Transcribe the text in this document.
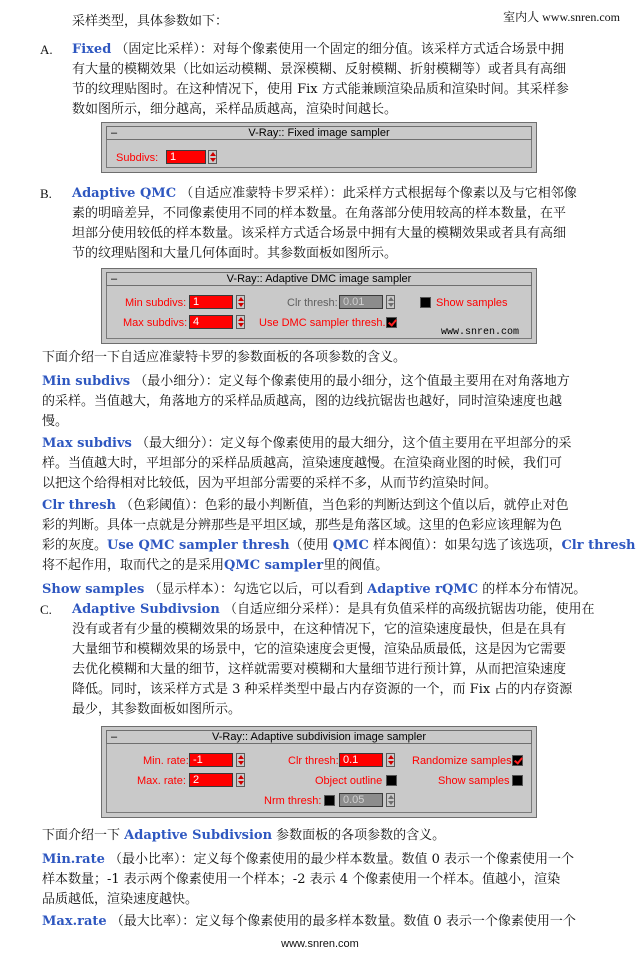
室内人 www.snren.com
采样类型，具体参数如下：
A. Fixed （固定比采样）：对每个像素使用一个固定的细分值。该采样方式适合场景中拥
有大量的模糊效果（比如运动模糊、景深模糊、反射模糊、折射模糊等）或者具有高细
节的纹理贴图时。在这种情况下，使用 Fix 方式能兼顾渲染品质和渲染时间。其采样参
数如图所示，细分越高，采样品质越高，渲染时间越长。
–	V-Ray:: Fixed image sampler
Subdivs:	1
B. Adaptive QMC （自适应准蒙特卡罗采样）：此采样方式根据每个像素以及与它相邻像
素的明暗差异，不同像素使用不同的样本数量。在角落部分使用较高的样本数量，在平
坦部分使用较低的样本数量。该采样方式适合场景中拥有大量的模糊效果或者具有高细
节的纹理贴图和大量几何体面时。其参数面板如图所示。
–	V-Ray:: Adaptive DMC image sampler
Min subdivs: 1
Max subdivs: 4
Clr thresh: 0.01	Show samples
Use DMC sampler thresh.
www.snren.com
下面介绍一下自适应准蒙特卡罗的参数面板的各项参数的含义。
Min subdivs （最小细分）：定义每个像素使用的最小细分，这个值最主要用在对角落地方
的采样。当值越大，角落地方的采样品质越高，图的边线抗锯齿也越好，同时渲染速度也越
慢。
Max subdivs （最大细分）：定义每个像素使用的最大细分，这个值主要用在平坦部分的采
样。当值越大时，平坦部分的采样品质越高，渲染速度越慢。在渲染商业图的时候，我们可
以把这个给得相对比较低，因为平坦部分需要的采样不多，从而节约渲染时间。
Clr thresh （色彩阈值）：色彩的最小判断值，当色彩的判断达到这个值以后，就停止对色
彩的判断。具体一点就是分辨那些是平坦区域，那些是角落区域。这里的色彩应该理解为色
彩的灰度。Use QMC sampler thresh（使用 QMC 样本阀值）：如果勾选了该选项，Clr thresh
将不起作用，取而代之的是采用QMC sampler里的阀值。
Show samples （显示样本）：勾选它以后，可以看到 Adaptive rQMC 的样本分布情况。
C. Adaptive Subdivsion （自适应细分采样）：是具有负值采样的高级抗锯齿功能，使用在
没有或者有少量的模糊效果的场景中，在这种情况下，它的渲染速度最快，但是在具有
大量细节和模糊效果的场景中，它的渲染速度会更慢，渲染品质最低，这是因为它需要
去优化模糊和大量的细节，这样就需要对模糊和大量细节进行预计算，从而把渲染速度
降低。同时，该采样方式是 3 种采样类型中最占内存资源的一个，而 Fix 占的内存资源
最少，其参数面板如图所示。
–	V-Ray:: Adaptive subdivision image sampler
Min. rate: -1
Max. rate: 2
Clr thresh: 0.1
Object outline
Nrm thresh:	0.05
Randomize samples
Show samples
下面介绍一下 Adaptive Subdivsion 参数面板的各项参数的含义。
Min.rate （最小比率）：定义每个像素使用的最少样本数量。数值 0 表示一个像素使用一个
样本数量；-1 表示两个像素使用一个样本；-2 表示 4 个像素使用一个样本。值越小，渲染
品质越低，渲染速度越快。
Max.rate （最大比率）：定义每个像素使用的最多样本数量。数值 0 表示一个像素使用一个
www.snren.com
